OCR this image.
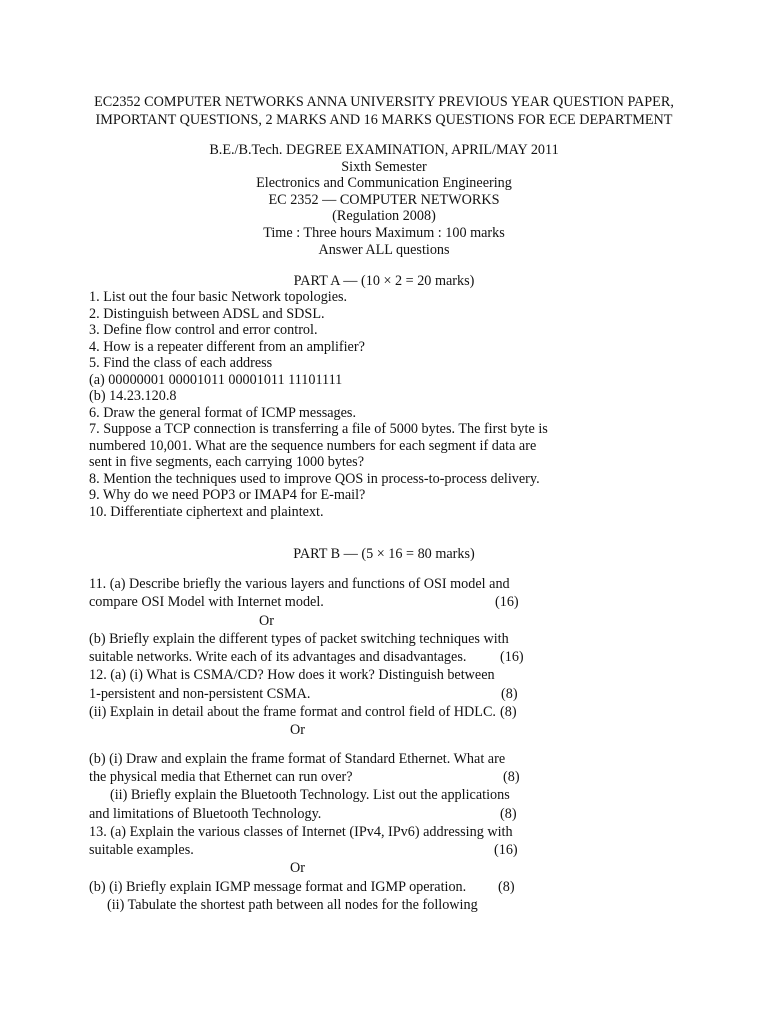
EC2352 COMPUTER NETWORKS ANNA UNIVERSITY PREVIOUS YEAR QUESTION PAPER,
IMPORTANT QUESTIONS, 2 MARKS AND 16 MARKS QUESTIONS FOR ECE DEPARTMENT
B.E./B.Tech. DEGREE EXAMINATION, APRIL/MAY 2011
Sixth Semester
Electronics and Communication Engineering
EC 2352 — COMPUTER NETWORKS
(Regulation 2008)
Time : Three hours Maximum : 100 marks
Answer ALL questions
PART A — (10 × 2 = 20 marks)
1. List out the four basic Network topologies.
2. Distinguish between ADSL and SDSL.
3. Define flow control and error control.
4. How is a repeater different from an amplifier?
5. Find the class of each address
(a) 00000001 00001011 00001011 11101111
(b) 14.23.120.8
6. Draw the general format of ICMP messages.
7. Suppose a TCP connection is transferring a file of 5000 bytes. The first byte is
numbered 10,001. What are the sequence numbers for each segment if data are
sent in five segments, each carrying 1000 bytes?
8. Mention the techniques used to improve QOS in process-to-process delivery.
9. Why do we need POP3 or IMAP4 for E-mail?
10. Differentiate ciphertext and plaintext.
PART B — (5 × 16 = 80 marks)
11. (a) Describe briefly the various layers and functions of OSI model and
compare OSI Model with Internet model.	(16)
Or
(b) Briefly explain the different types of packet switching techniques with
suitable networks. Write each of its advantages and disadvantages. (16)
12. (a) (i) What is CSMA/CD? How does it work? Distinguish between
1-persistent and non-persistent CSMA.	(8)
(ii) Explain in detail about the frame format and control field of HDLC. (8)
Or
(b) (i) Draw and explain the frame format of Standard Ethernet. What are
the physical media that Ethernet can run over?	(8)
(ii) Briefly explain the Bluetooth Technology. List out the applications
and limitations of Bluetooth Technology.	(8)
13. (a) Explain the various classes of Internet (IPv4, IPv6) addressing with
suitable examples.	(16)
Or
(b) (i) Briefly explain IGMP message format and IGMP operation. (8)
(ii) Tabulate the shortest path between all nodes for the following
